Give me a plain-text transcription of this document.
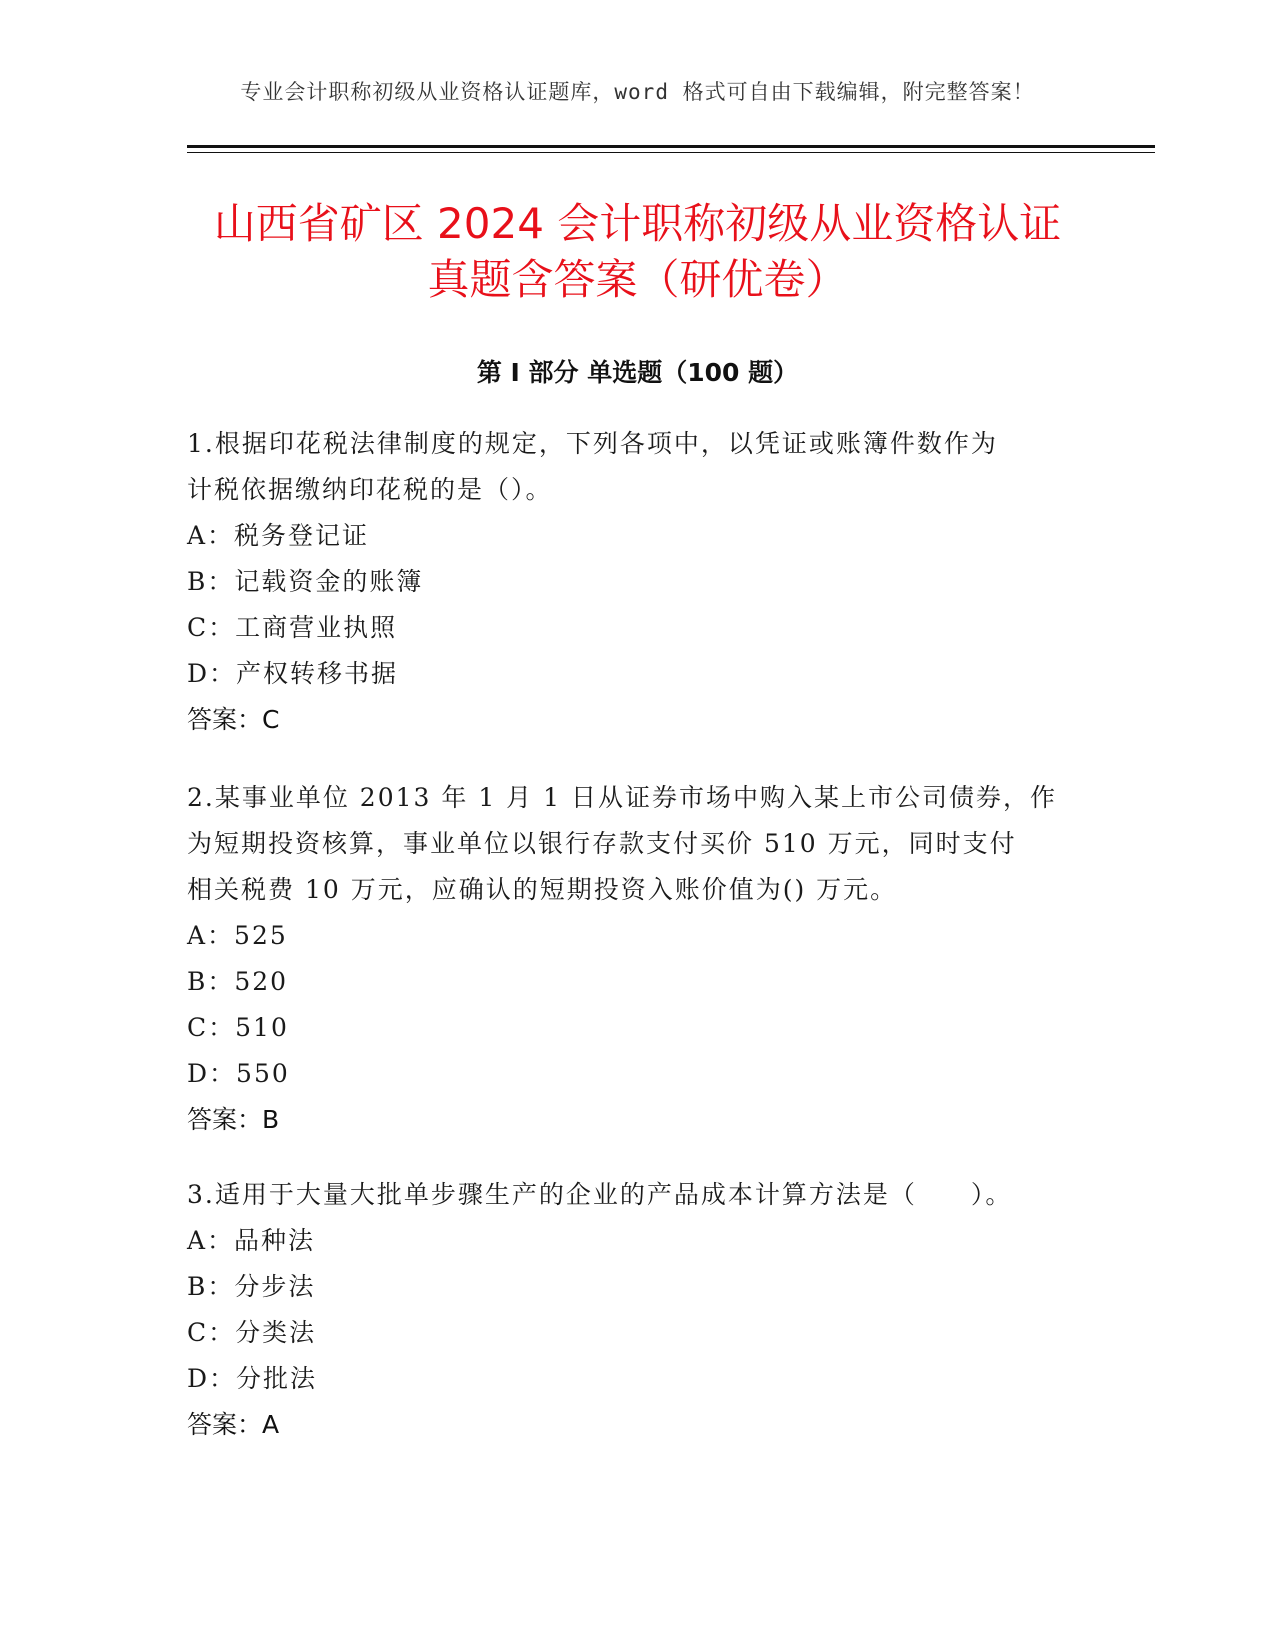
专业会计职称初级从业资格认证题库，word 格式可自由下载编辑，附完整答案！
山西省矿区 2024 会计职称初级从业资格认证
真题含答案（研优卷）
第 I 部分 单选题（100 题）

1.根据印花税法律制度的规定，下列各项中，以凭证或账簿件数作为

计税依据缴纳印花税的是（）。

A：税务登记证

B：记载资金的账簿

C：工商营业执照

D：产权转移书据

答案：C

2.某事业单位 2013 年 1 月 1 日从证券市场中购入某上市公司债券，作

为短期投资核算，事业单位以银行存款支付买价 510 万元，同时支付

相关税费 10 万元，应确认的短期投资入账价值为() 万元。

A：525

B：520

C：510

D：550

答案：B

3.适用于大量大批单步骤生产的企业的产品成本计算方法是（　　）。

A：品种法

B：分步法

C：分类法

D：分批法

答案：A
